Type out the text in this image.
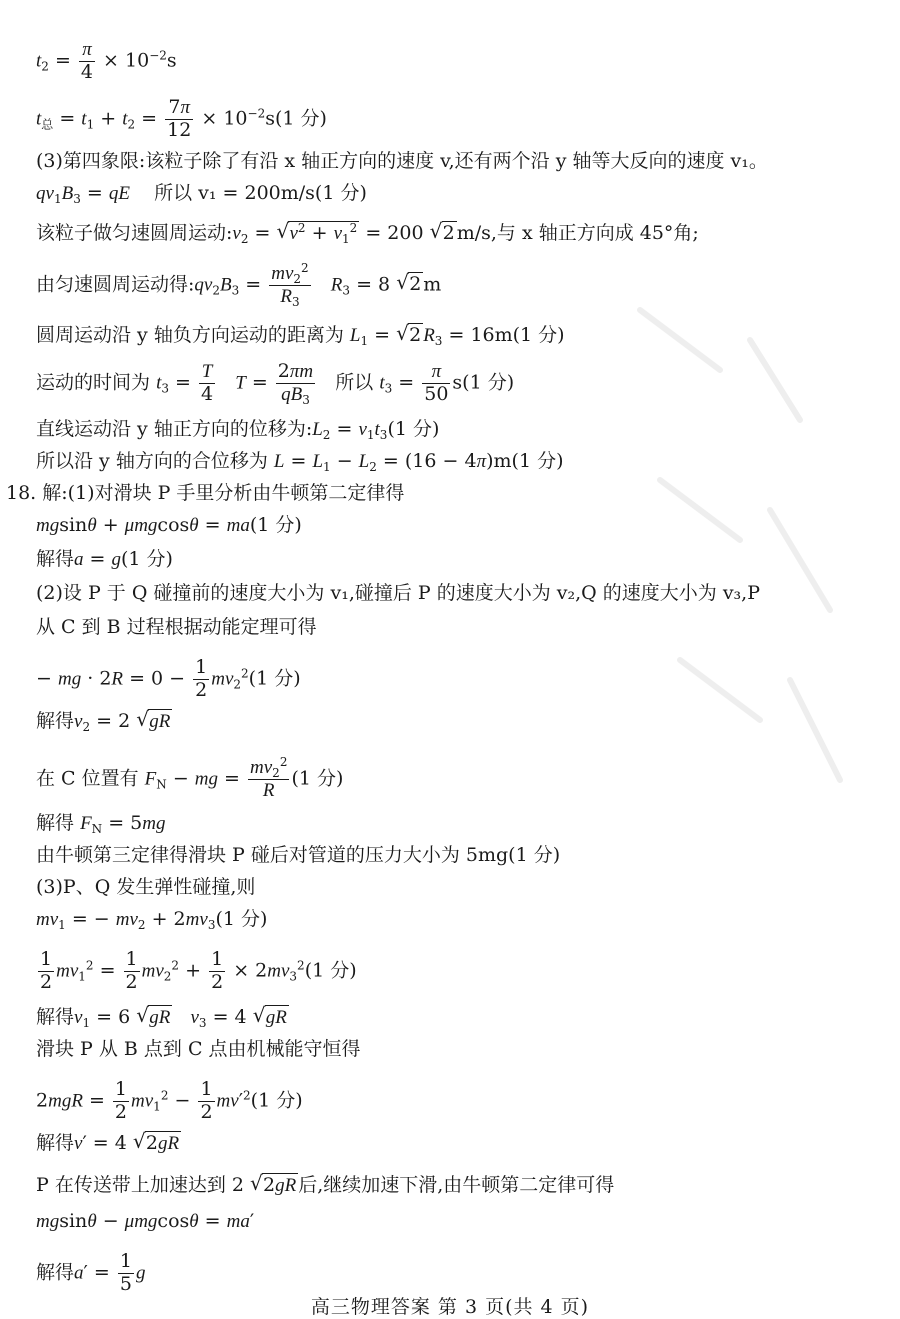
$t_2 = \frac{\pi}{4} \times 10^{-2}s$
$t_总 = t_1 + t_2 = \frac{7\pi}{12} \times 10^{-2}s(1$ 分)
(3)第四象限:该粒子除了有沿 x 轴正方向的速度 v,还有两个沿 y 轴等大反向的速度 v₁。
$qv_1B_3$ = qE 所以 v₁ = 200m/s(1 分)
该粒子做匀速圆周运动$:v_2$ = √ $v^2 + v_1^2 = 200$ √ 2 m/s,与 x 轴正方向成 45°角;
由匀速圆周运动得$:qv_2B_3 = \frac{mv_2^2}{R_3} R_3 = 8$ √ 2 m
圆周运动沿 y 轴负方向运动的距离为 $L_1$ = √ 2 $R_3 = 16m(1$ 分)
运动的时间为 $t_3 = \frac{T}{4}$ $T = \frac{2\pi m}{qB_3}$ 所以 $t_3 = \frac{\pi}{50} s(1$ 分)
直线运动沿 y 轴正方向的位移为$:L_2 = v_1t_3(1$ 分)
所以沿 y 轴方向的合位移为 $L = L_1 - L_2 = (16 - 4\pi)m(1$ 分)
18. 解:(1)对滑块 P 手里分析由牛顿第二定律得
mgsinθ + μmgcosθ = ma(1 分)
解得a = g(1 分)
(2)设 P 于 Q 碰撞前的速度大小为 v₁,碰撞后 P 的速度大小为 v₂,Q 的速度大小为 v₃,P
从 C 到 B 过程根据动能定理可得
− mg · $2R = 0 - \frac{1}{2} mv_2^2(1$ 分)
解得$v_2 = 2$ √ gR
在 C 位置有 $F_N$ − mg = $\frac{mv_2^2}{R} (1$ 分)
解得 $F_N = 5mg$
由牛顿第三定律得滑块 P 碰后对管道的压力大小为 5mg(1 分)
(3)P、Q 发生弹性碰撞,则
$mv_1$ = − $mv_2 + 2mv_3(1$ 分)
$\frac{1}{2} mv_1^2 = \frac{1}{2} mv_2^2 + \frac{1}{2} \times 2mv_3^2(1$ 分)
解得$v_1 = 6$ √ gR $v_3 = 4$ √ gR
滑块 P 从 B 点到 C 点由机械能守恒得
$2mgR = \frac{1}{2} mv_1^2 - \frac{1}{2} mv'^2(1$ 分)
解得v′ = 4 √ 2gR
P 在传送带上加速达到 2 √ 2gR 后,继续加速下滑,由牛顿第二定律可得
mgsinθ − μmgcosθ = ma′
解得$a' = \frac{1}{5}$ g
高三物理答案 第 3 页(共 4 页)
